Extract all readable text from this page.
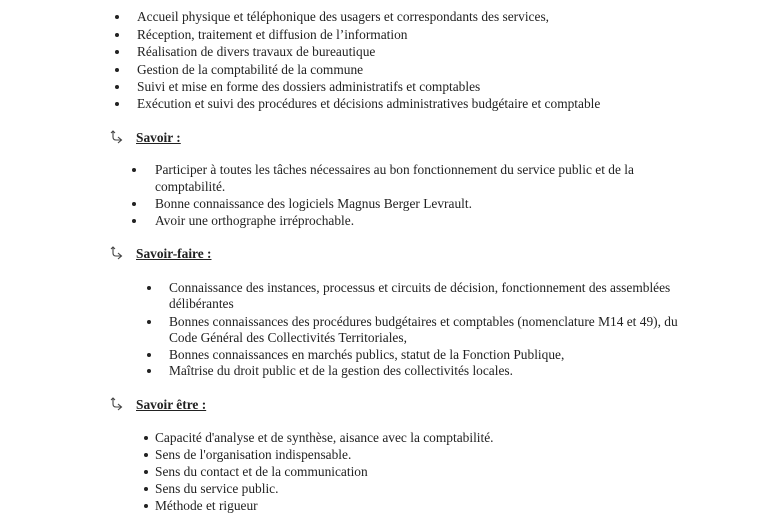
Accueil physique et téléphonique des usagers et correspondants des services,
Réception, traitement et diffusion de l’information
Réalisation de divers travaux de bureautique
Gestion de la comptabilité de la commune
Suivi et mise en forme des dossiers administratifs et comptables
Exécution et suivi des procédures et décisions administratives budgétaire et comptable
Savoir :
Participer à toutes les tâches nécessaires au bon fonctionnement du service public et de la
comptabilité.
Bonne connaissance des logiciels Magnus Berger Levrault.
Avoir une orthographe irréprochable.
Savoir-faire :
Connaissance des instances, processus et circuits de décision, fonctionnement des assemblées
délibérantes
Bonnes connaissances des procédures budgétaires et comptables (nomenclature M14 et 49), du
Code Général des Collectivités Territoriales,
Bonnes connaissances en marchés publics, statut de la Fonction Publique,
Maîtrise du droit public et de la gestion des collectivités locales.
Savoir être :
Capacité d'analyse et de synthèse, aisance avec la comptabilité.
Sens de l'organisation indispensable.
Sens du contact et de la communication
Sens du service public.
Méthode et rigueur
